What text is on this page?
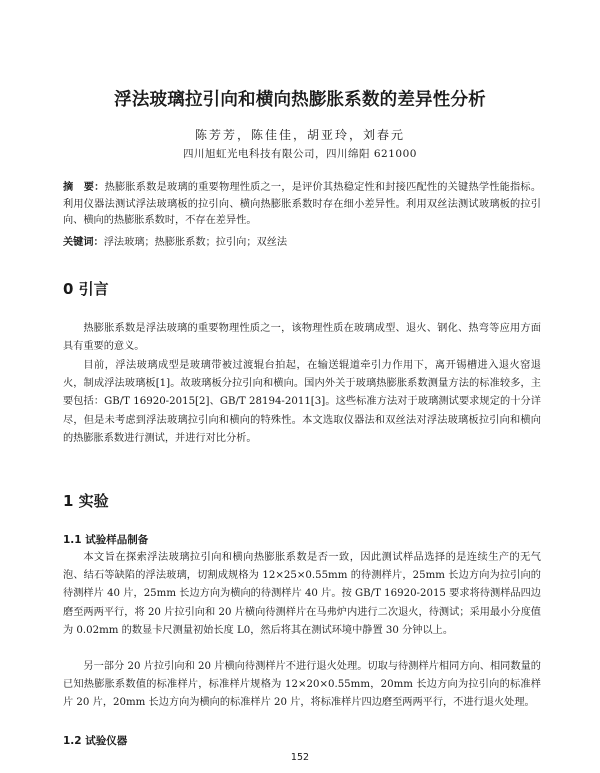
浮法玻璃拉引向和横向热膨胀系数的差异性分析
陈芳芳，陈佳佳，胡亚玲，刘春元
四川旭虹光电科技有限公司，四川绵阳 621000
摘　要：热膨胀系数是玻璃的重要物理性质之一，是评价其热稳定性和封接匹配性的关键热学性能指标。利用仪器法测试浮法玻璃板的拉引向、横向热膨胀系数时存在细小差异性。利用双丝法测试玻璃板的拉引向、横向的热膨胀系数时，不存在差异性。
关键词：浮法玻璃；热膨胀系数；拉引向；双丝法
0 引言
热膨胀系数是浮法玻璃的重要物理性质之一，该物理性质在玻璃成型、退火、钢化、热弯等应用方面具有重要的意义。
目前，浮法玻璃成型是玻璃带被过渡辊台拍起，在输送辊道牵引力作用下，离开锡槽进入退火窑退火，制成浮法玻璃板[1]。故玻璃板分拉引向和横向。国内外关于玻璃热膨胀系数测量方法的标准较多，主要包括：GB/T 16920-2015[2]、GB/T 28194-2011[3]。这些标准方法对于玻璃测试要求规定的十分详尽，但是未考虑到浮法玻璃拉引向和横向的特殊性。本文选取仪器法和双丝法对浮法玻璃板拉引向和横向的热膨胀系数进行测试，并进行对比分析。
1 实验
1.1 试验样品制备
本文旨在探索浮法玻璃拉引向和横向热膨胀系数是否一致，因此测试样品选择的是连续生产的无气泡、结石等缺陷的浮法玻璃，切割成规格为 12×25×0.55mm 的待测样片，25mm 长边方向为拉引向的待测样片 40 片，25mm 长边方向为横向的待测样片 40 片。按 GB/T 16920-2015 要求将待测样品四边磨至两两平行，将 20 片拉引向和 20 片横向待测样片在马弗炉内进行二次退火，待测试；采用最小分度值为 0.02mm 的数显卡尺测量初始长度 L0，然后将其在测试环境中静置 30 分钟以上。
另一部分 20 片拉引向和 20 片横向待测样片不进行退火处理。切取与待测样片相同方向、相同数量的已知热膨胀系数值的标准样片，标准样片规格为 12×20×0.55mm，20mm 长边方向为拉引向的标准样片 20 片，20mm 长边方向为横向的标准样片 20 片，将标准样片四边磨至两两平行，不进行退火处理。
1.2 试验仪器
152
